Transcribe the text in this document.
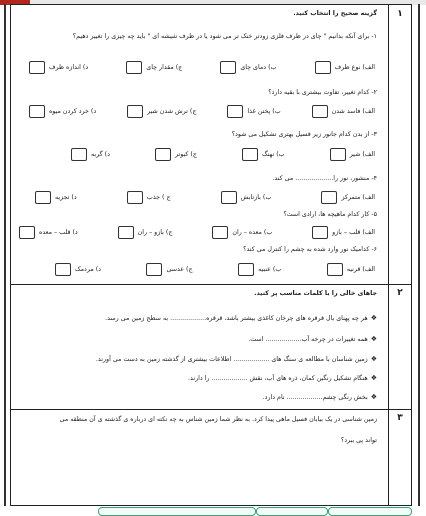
۱
گزینه صحیح را انتخاب کنید.
۱- برای آنکه بدانیم " چای در ظرف فلزی زودتر خنک تر می شود یا در ظرف شیشه ای " باید چه چیزی را تغییر دهیم؟
الف) نوع ظرف
ب) دمای چای
ج) مقدار چای
د) اندازه ظرف
۲- کدام تغییر، تفاوت بیشتری با بقیه دارد؟
الف) فاسد شدن
ب) پختن غذا
ج) ترش شدن شیر
د) خرد کردن میوه
۳- از بدن کدام جانور زیر فسیل بهتری تشکیل می شود؟
الف) شیر
ب) نهنگ
ج) کبوتر
د) گربه
۴- منشور، نور را................... می کند.
الف) متمرکز
ب) بازتابش
ج ) جذب
د) تجزیه
۵- کار کدام ماهیچه ها، ارادی است؟
الف) قلب – بازو
ب) معده – ران
ج) بازو – ران
د) قلب – معده
۶- کدامیک نور وارد شده به چشم را کنترل می کند؟
الف) قرنیه
ب) عنبیه
ج) عدسی
د) مردمک
۲
جاهای خالی را با کلمات مناسب پر کنید.
❖هر چه پهنای بال قرقره های چرخان کاغذی بیشتر باشد، قرقره.................. به سطح زمین می رسد.
❖همه تغییرات در چرخه آب.................. است.
❖زمین شناسان با مطالعه ی سنگ های .................. اطلاعات بیشتری از گذشته زمین به دست می آورند.
❖هنگام تشکیل رنگین کمان، ذره های آب، نقش .................. را دارند.
❖بخش رنگی چشم.................. نام دارد.
۳
زمین شناسی در یک بیابان فسیل ماهی پیدا کرد. به نظر شما زمین شناس به چه نکته ای درباره ی گذشته ی آن منطقه می
تواند پی ببرد؟
